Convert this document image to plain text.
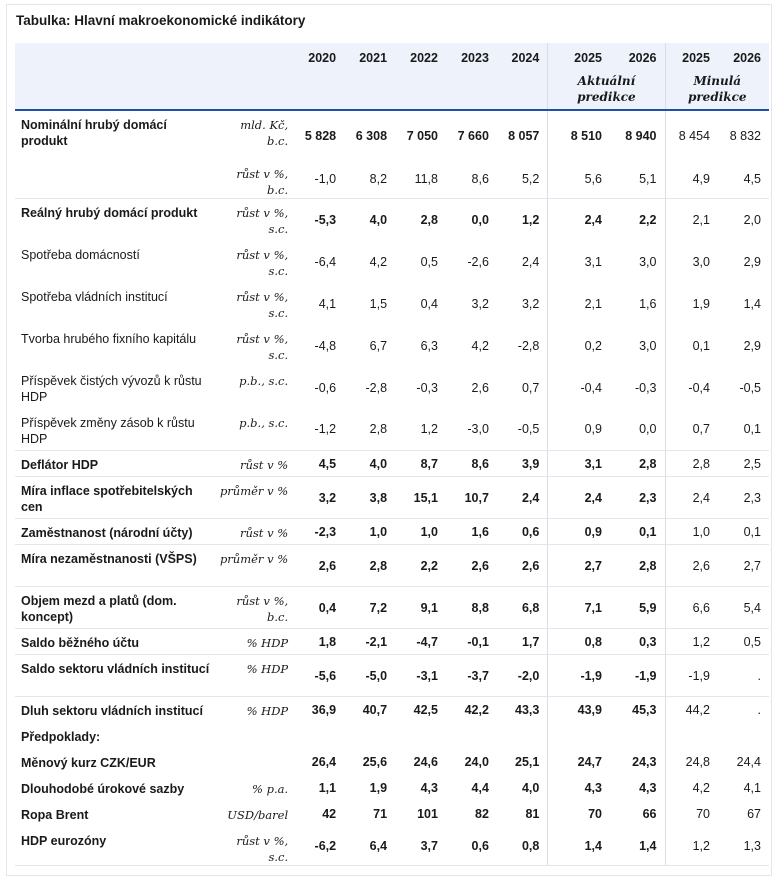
Tabulka: Hlavní makroekonomické indikátory
		2020	2021	2022	2023	2024	2025	2026	2025	2026
							Aktuální predikce		Minulá predikce	
Nominální hrubý domácí produkt	mld. Kč, b.c.	5 828	6 308	7 050	7 660	8 057	8 510	8 940	8 454	8 832
	růst v %, b.c.	-1,0	8,2	11,8	8,6	5,2	5,6	5,1	4,9	4,5
Reálný hrubý domácí produkt	růst v %, s.c.	-5,3	4,0	2,8	0,0	1,2	2,4	2,2	2,1	2,0
Spotřeba domácností	růst v %, s.c.	-6,4	4,2	0,5	-2,6	2,4	3,1	3,0	3,0	2,9
Spotřeba vládních institucí	růst v %, s.c.	4,1	1,5	0,4	3,2	3,2	2,1	1,6	1,9	1,4
Tvorba hrubého fixního kapitálu	růst v %, s.c.	-4,8	6,7	6,3	4,2	-2,8	0,2	3,0	0,1	2,9
Příspěvek čistých vývozů k růstu HDP	p.b., s.c.	-0,6	-2,8	-0,3	2,6	0,7	-0,4	-0,3	-0,4	-0,5
Příspěvek změny zásob k růstu HDP	p.b., s.c.	-1,2	2,8	1,2	-3,0	-0,5	0,9	0,0	0,7	0,1
Deflátor HDP	růst v %	4,5	4,0	8,7	8,6	3,9	3,1	2,8	2,8	2,5
Míra inflace spotřebitelských cen	průměr v %	3,2	3,8	15,1	10,7	2,4	2,4	2,3	2,4	2,3
Zaměstnanost (národní účty)	růst v %	-2,3	1,0	1,0	1,6	0,6	0,9	0,1	1,0	0,1
Míra nezaměstnanosti (VŠPS)	průměr v %	2,6	2,8	2,2	2,6	2,6	2,7	2,8	2,6	2,7
Objem mezd a platů (dom. koncept)	růst v %, b.c.	0,4	7,2	9,1	8,8	6,8	7,1	5,9	6,6	5,4
Saldo běžného účtu	% HDP	1,8	-2,1	-4,7	-0,1	1,7	0,8	0,3	1,2	0,5
Saldo sektoru vládních institucí	% HDP	-5,6	-5,0	-3,1	-3,7	-2,0	-1,9	-1,9	-1,9	.
Dluh sektoru vládních institucí	% HDP	36,9	40,7	42,5	42,2	43,3	43,9	45,3	44,2	.
Předpoklady:										
Měnový kurz CZK/EUR		26,4	25,6	24,6	24,0	25,1	24,7	24,3	24,8	24,4
Dlouhodobé úrokové sazby	% p.a.	1,1	1,9	4,3	4,4	4,0	4,3	4,3	4,2	4,1
Ropa Brent	USD/barel	42	71	101	82	81	70	66	70	67
HDP eurozóny	růst v %, s.c.	-6,2	6,4	3,7	0,6	0,8	1,4	1,4	1,2	1,3
